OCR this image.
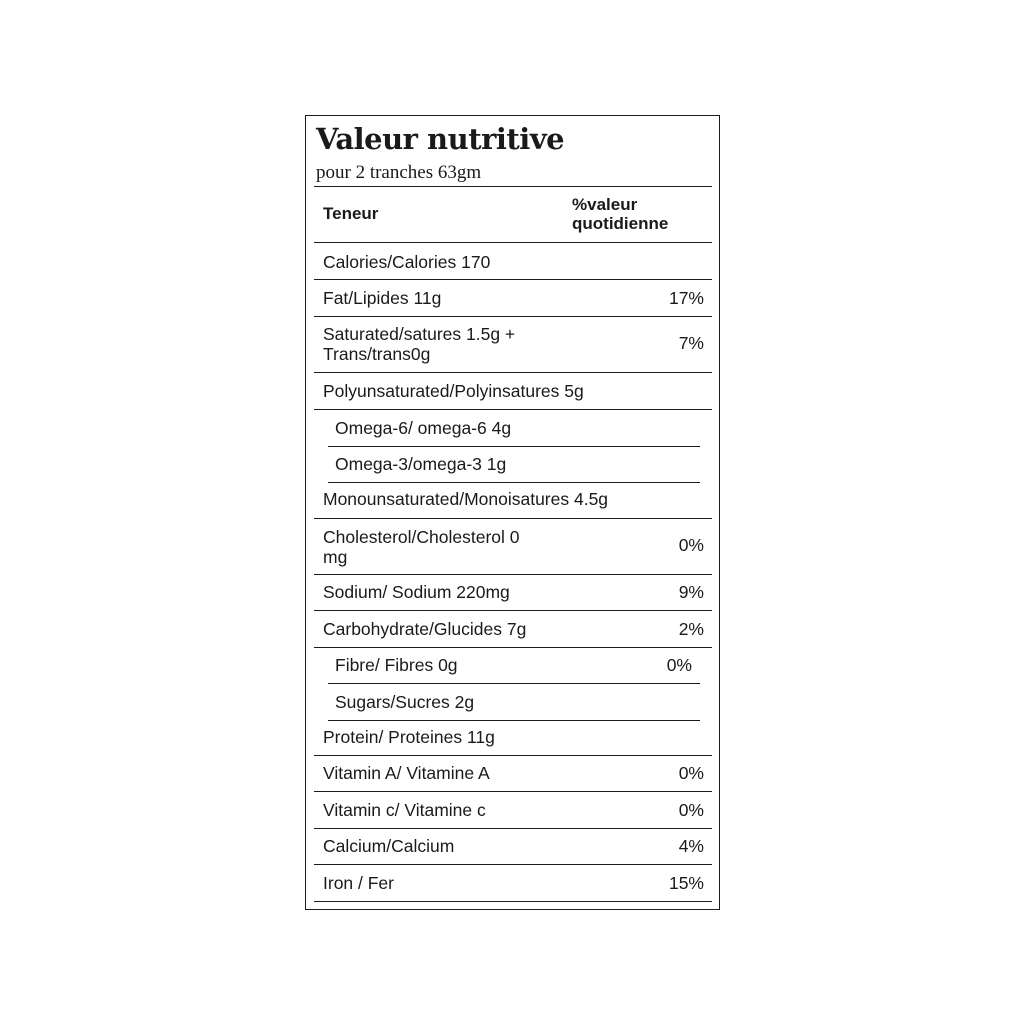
Valeur nutritive
pour 2 tranches 63gm
Teneur	%valeur
quotidienne
Calories/Calories 170
Fat/Lipides 11g	17%
Saturated/satures 1.5g +
Trans/trans0g
7%
Polyunsaturated/Polyinsatures 5g
Omega-6/ omega-6 4g
Omega-3/omega-3 1g
Monounsaturated/Monoisatures 4.5g
Cholesterol/Cholesterol 0
mg
0%
Sodium/ Sodium 220mg	9%
Carbohydrate/Glucides 7g	2%
Fibre/ Fibres 0g	0%
Sugars/Sucres 2g
Protein/ Proteines 11g
Vitamin A/ Vitamine A	0%
Vitamin c/ Vitamine c	0%
Calcium/Calcium	4%
Iron / Fer	15%
